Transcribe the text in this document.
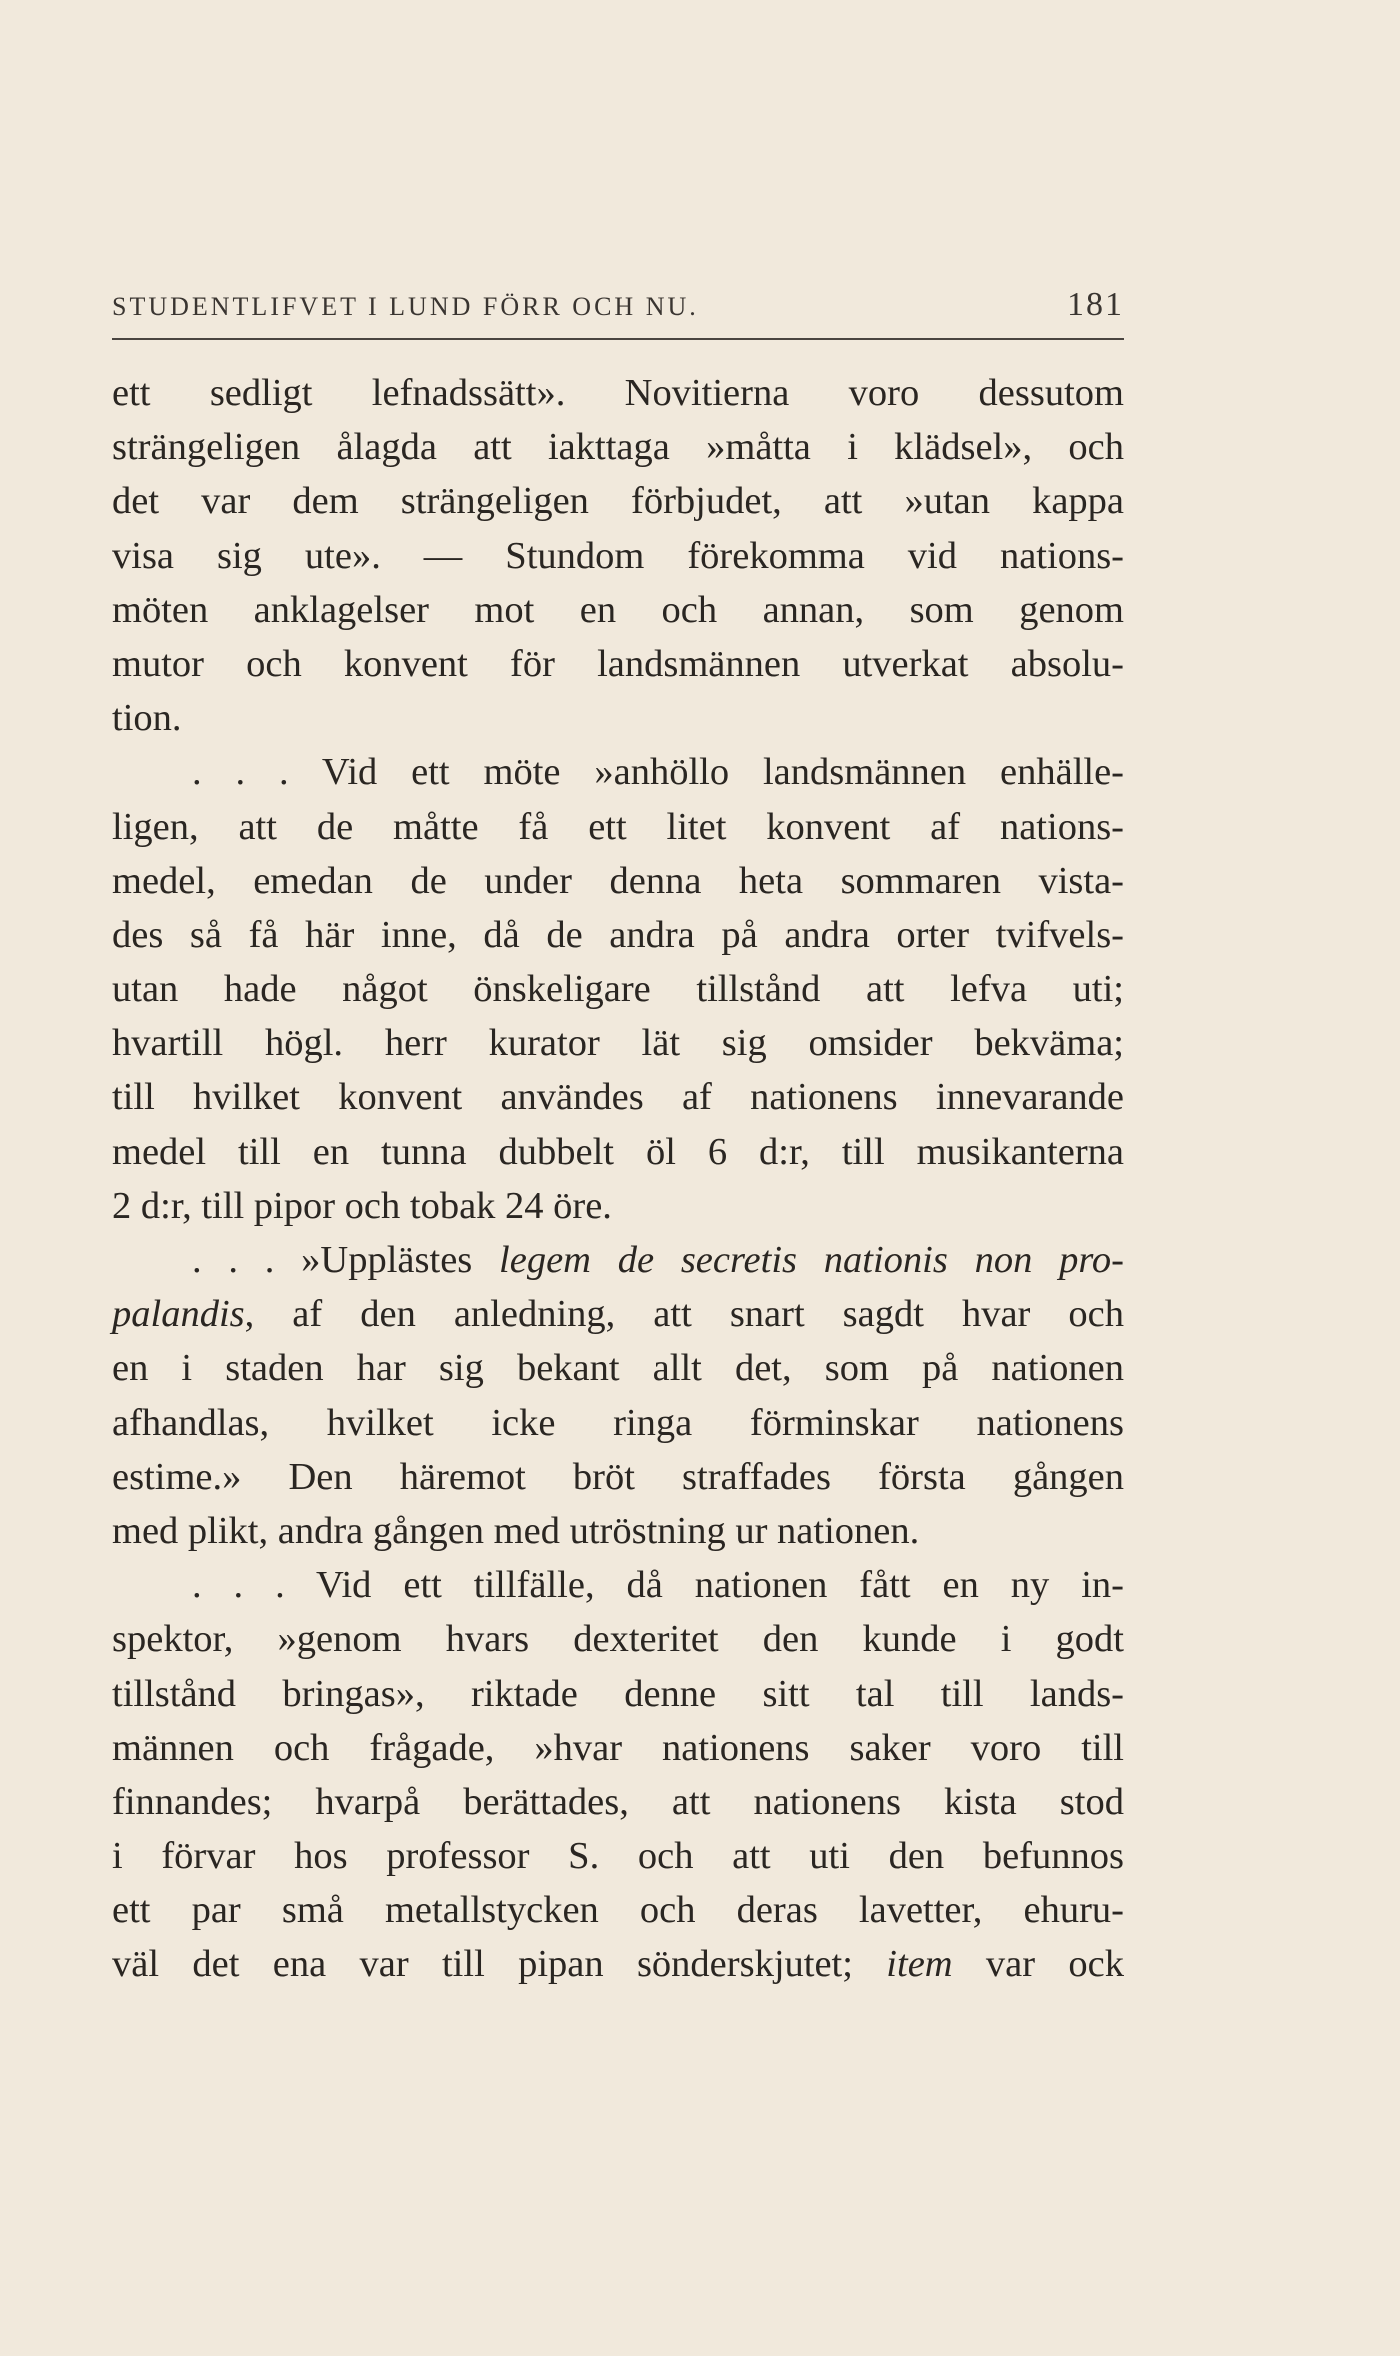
STUDENTLIFVET I LUND FÖRR OCH NU.	181
ett sedligt lefnadssätt». Novitierna voro dessutom
strängeligen ålagda att iakttaga »måtta i klädsel», och
det var dem strängeligen förbjudet, att »utan kappa
visa sig ute». — Stundom förekomma vid nations-
möten anklagelser mot en och annan, som genom
mutor och konvent för landsmännen utverkat absolu-
tion.
. . . Vid ett möte »anhöllo landsmännen enhälle-
ligen, att de måtte få ett litet konvent af nations-
medel, emedan de under denna heta sommaren vista-
des så få här inne, då de andra på andra orter tvifvels-
utan hade något önskeligare tillstånd att lefva uti;
hvartill högl. herr kurator lät sig omsider bekväma;
till hvilket konvent användes af nationens innevarande
medel till en tunna dubbelt öl 6 d:r, till musikanterna
2 d:r, till pipor och tobak 24 öre.
. . . »Upplästes legem de secretis nationis non pro-
palandis, af den anledning, att snart sagdt hvar och
en i staden har sig bekant allt det, som på nationen
afhandlas, hvilket icke ringa förminskar nationens
estime.» Den häremot bröt straffades första gången
med plikt, andra gången med utröstning ur nationen.
. . . Vid ett tillfälle, då nationen fått en ny in-
spektor, »genom hvars dexteritet den kunde i godt
tillstånd bringas», riktade denne sitt tal till lands-
männen och frågade, »hvar nationens saker voro till
finnandes; hvarpå berättades, att nationens kista stod
i förvar hos professor S. och att uti den befunnos
ett par små metallstycken och deras lavetter, ehuru-
väl det ena var till pipan sönderskjutet; item var ock
